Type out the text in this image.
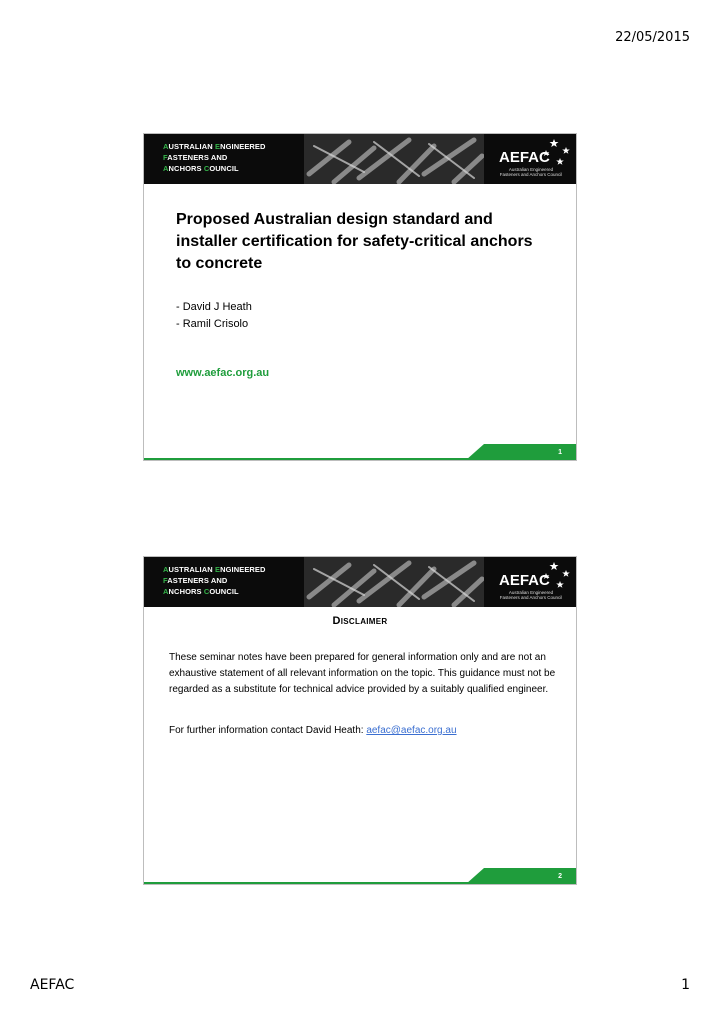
22/05/2015
AUSTRALIAN ENGINEERED
FASTENERS AND
ANCHORS COUNCIL
AEFAC
Australian Engineered
Fasteners and Anchors Council
Proposed Australian design standard and installer certification for safety-critical anchors to concrete
- David J Heath
- Ramil Crisolo
www.aefac.org.au
1
AUSTRALIAN ENGINEERED
FASTENERS AND
ANCHORS COUNCIL
AEFAC
Australian Engineered
Fasteners and Anchors Council
DISCLAIMER
These seminar notes have been prepared for general information only and are not an exhaustive statement of all relevant information on the topic. This guidance must not be regarded as a substitute for technical advice provided by a suitably qualified engineer.
For further information contact David Heath: aefac@aefac.org.au
2
AEFAC	1
